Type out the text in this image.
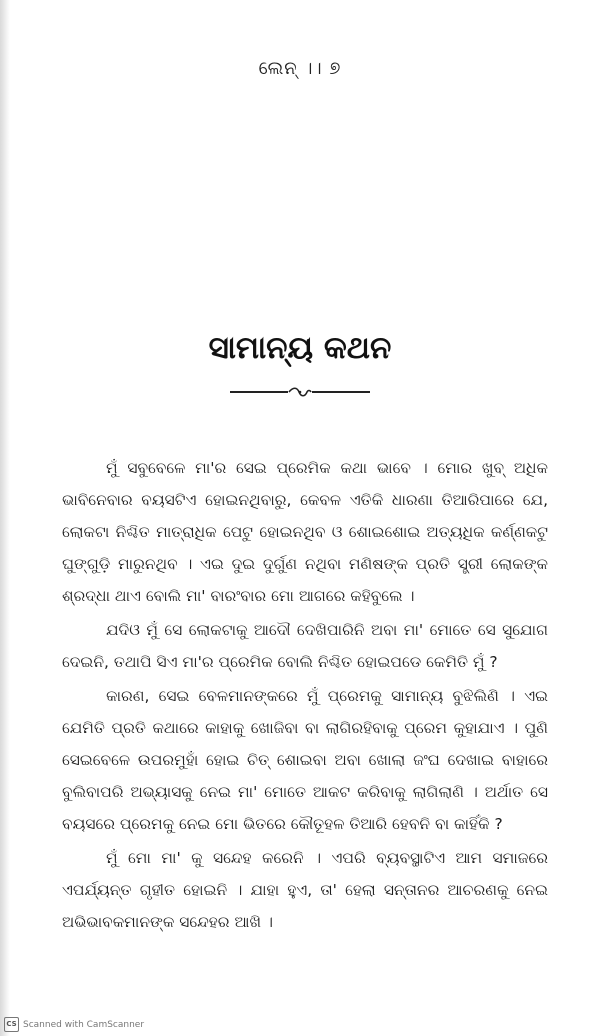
ଲେନ୍ ।। ୭
ସାମାନ୍ୟ କଥନ

ମୁଁ ସବୁବେଳେ ମା'ର ସେଇ ପ୍ରେମିକ କଥା ଭାବେ । ମୋର ଖୁବ୍ ଅଧିକ ଭାବିନେବାର ବୟସଟିଏ ହୋଇନଥିବାରୁ, କେବଳ ଏତିକି ଧାରଣା ତିଆରିପାରେ ଯେ, ଲୋକଟା ନିଶ୍ଚିତ ମାତ୍ରାଧିକ ପେଟୁ ହୋଇନଥିବ ଓ ଶୋଇଶୋଇ ଅତ୍ୟଧିକ କର୍ଣ୍ଣକଟୁ ଘୁଙ୍ଗୁଡ଼ି ମାରୁନଥିବ । ଏଇ ଦୁଇ ଦୁର୍ଗୁଣ ନଥିବା ମଣିଷଙ୍କ ପ୍ରତି ସ୍ତ୍ରୀ ଲୋକଙ୍କ ଶ୍ରଦ୍ଧା ଥାଏ ବୋଲି ମା' ବାରଂବାର ମୋ ଆଗରେ କହିବୁଲେ ।

ଯଦିଓ ମୁଁ ସେ ଲୋକଟାକୁ ଆଦୌ ଦେଖିପାରିନି ଅବା ମା' ମୋତେ ସେ ସୁଯୋଗ ଦେଇନି, ତଥାପି ସିଏ ମା'ର ପ୍ରେମିକ ବୋଲି ନିଶ୍ଚିତ ହୋଇପଡେ କେମିତି ମୁଁ ?

କାରଣ, ସେଇ ବେଳମାନଙ୍କରେ ମୁଁ ପ୍ରେମକୁ ସାମାନ୍ୟ ବୁଝିଲିଣି । ଏଇ ଯେମିତି ପ୍ରତି କଥାରେ କାହାକୁ ଖୋଜିବା ବା ଲାଗିରହିବାକୁ ପ୍ରେମ କୁହାଯାଏ । ପୁଣି ସେଇବେଳେ ଉପରମୁହାଁ ହୋଇ ଚିତ୍ ଶୋଇବା ଅବା ଖୋଲା ଜଂଘ ଦେଖାଇ ବାହାରେ ବୁଲିବାପରି ଅଭ୍ୟାସକୁ ନେଇ ମା' ମୋତେ ଆକଟ କରିବାକୁ ଲାଗିଲାଣି । ଅର୍ଥାତ ସେ ବୟସରେ ପ୍ରେମକୁ ନେଇ ମୋ ଭିତରେ କୌତୂହଳ ତିଆରି ହେବନି ବା କାହିଁକି ?

ମୁଁ ମୋ ମା' କୁ ସନ୍ଦେହ କରେନି । ଏପରି ବ୍ୟବସ୍ଥାଟିଏ ଆମ ସମାଜରେ ଏପର୍ଯ୍ୟନ୍ତ ଗୃହୀତ ହୋଇନି । ଯାହା ହୁଏ, ତା' ହେଲା ସନ୍ତାନର ଆଚରଣକୁ ନେଇ ଅଭିଭାବକମାନଙ୍କ ସନ୍ଦେହର ଆଖି ।

CS Scanned with CamScanner
